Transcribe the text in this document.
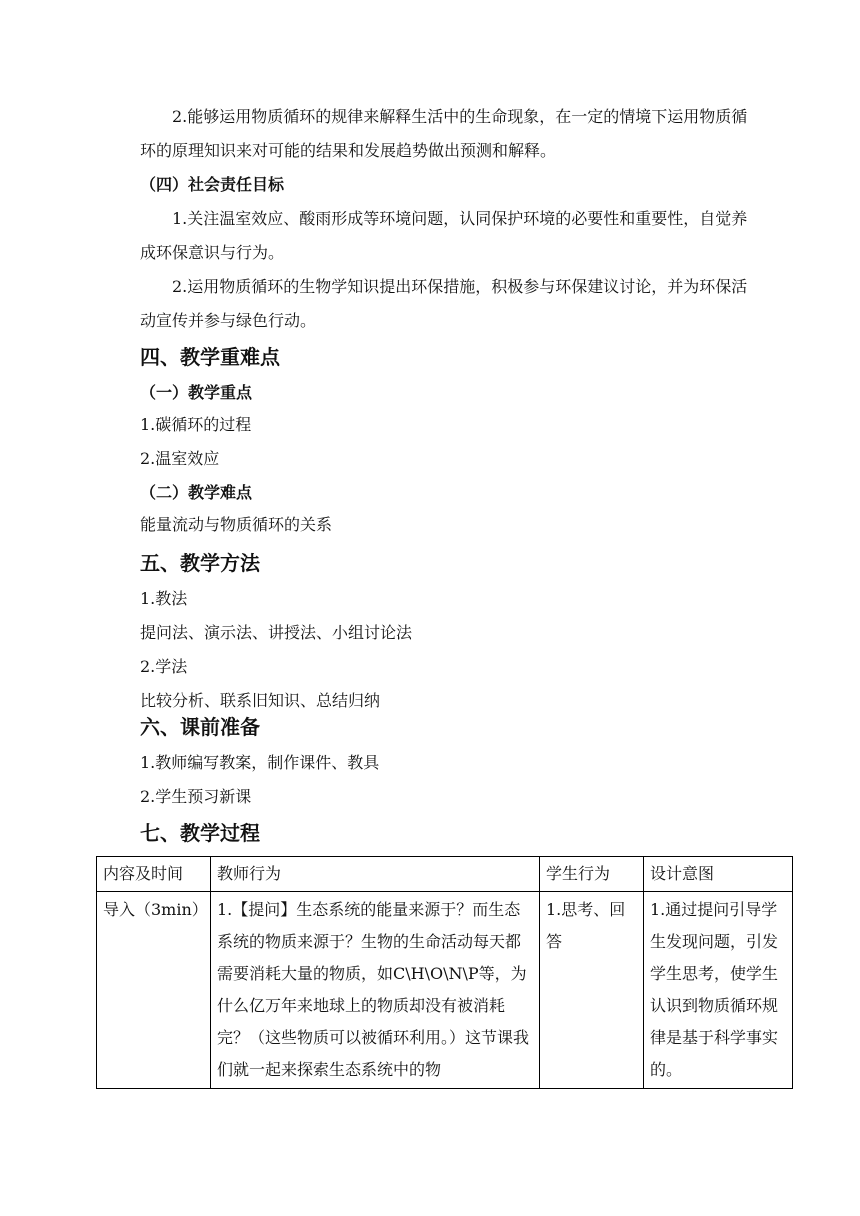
2.能够运用物质循环的规律来解释生活中的生命现象，在一定的情境下运用物质循环的原理知识来对可能的结果和发展趋势做出预测和解释。

（四）社会责任目标

1.关注温室效应、酸雨形成等环境问题，认同保护环境的必要性和重要性，自觉养成环保意识与行为。

2.运用物质循环的生物学知识提出环保措施，积极参与环保建议讨论，并为环保活动宣传并参与绿色行动。

四、教学重难点

（一）教学重点

1.碳循环的过程

2.温室效应

（二）教学难点

能量流动与物质循环的关系

五、教学方法

1.教法

提问法、演示法、讲授法、小组讨论法

2.学法

比较分析、联系旧知识、总结归纳

六、课前准备

1.教师编写教案，制作课件、教具

2.学生预习新课

七、教学过程

内容及时间	教师行为	学生行为	设计意图
导入（3min）	1.【提问】生态系统的能量来源于？而生态系统的物质来源于？生物的生命活动每天都需要消耗大量的物质，如C\H\O\N\P等，为什么亿万年来地球上的物质却没有被消耗完？（这些物质可以被循环利用。）这节课我们就一起来探索生态系统中的物	1.思考、回答	1.通过提问引导学生发现问题，引发学生思考，使学生认识到物质循环规律是基于科学事实的。
